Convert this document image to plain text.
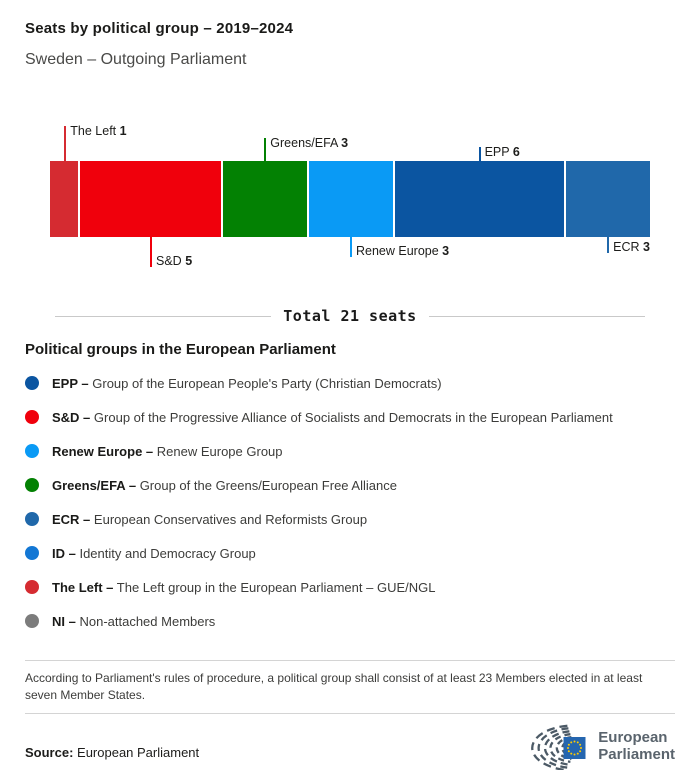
Seats by political group – 2019–2024
Sweden – Outgoing Parliament
The Left 1
S&D 5
Greens/EFA 3
Renew Europe 3
EPP 6
ECR 3
Total 21 seats
Political groups in the European Parliament
EPP – Group of the European People's Party (Christian Democrats)
S&D – Group of the Progressive Alliance of Socialists and Democrats in the European Parliament
Renew Europe – Renew Europe Group
Greens/EFA – Group of the Greens/European Free Alliance
ECR – European Conservatives and Reformists Group
ID – Identity and Democracy Group
The Left – The Left group in the European Parliament – GUE/NGL
NI – Non-attached Members

According to Parliament's rules of procedure, a political group shall consist of at least 23 Members elected in at least seven Member States.

Source: European Parliament
European
Parliament
